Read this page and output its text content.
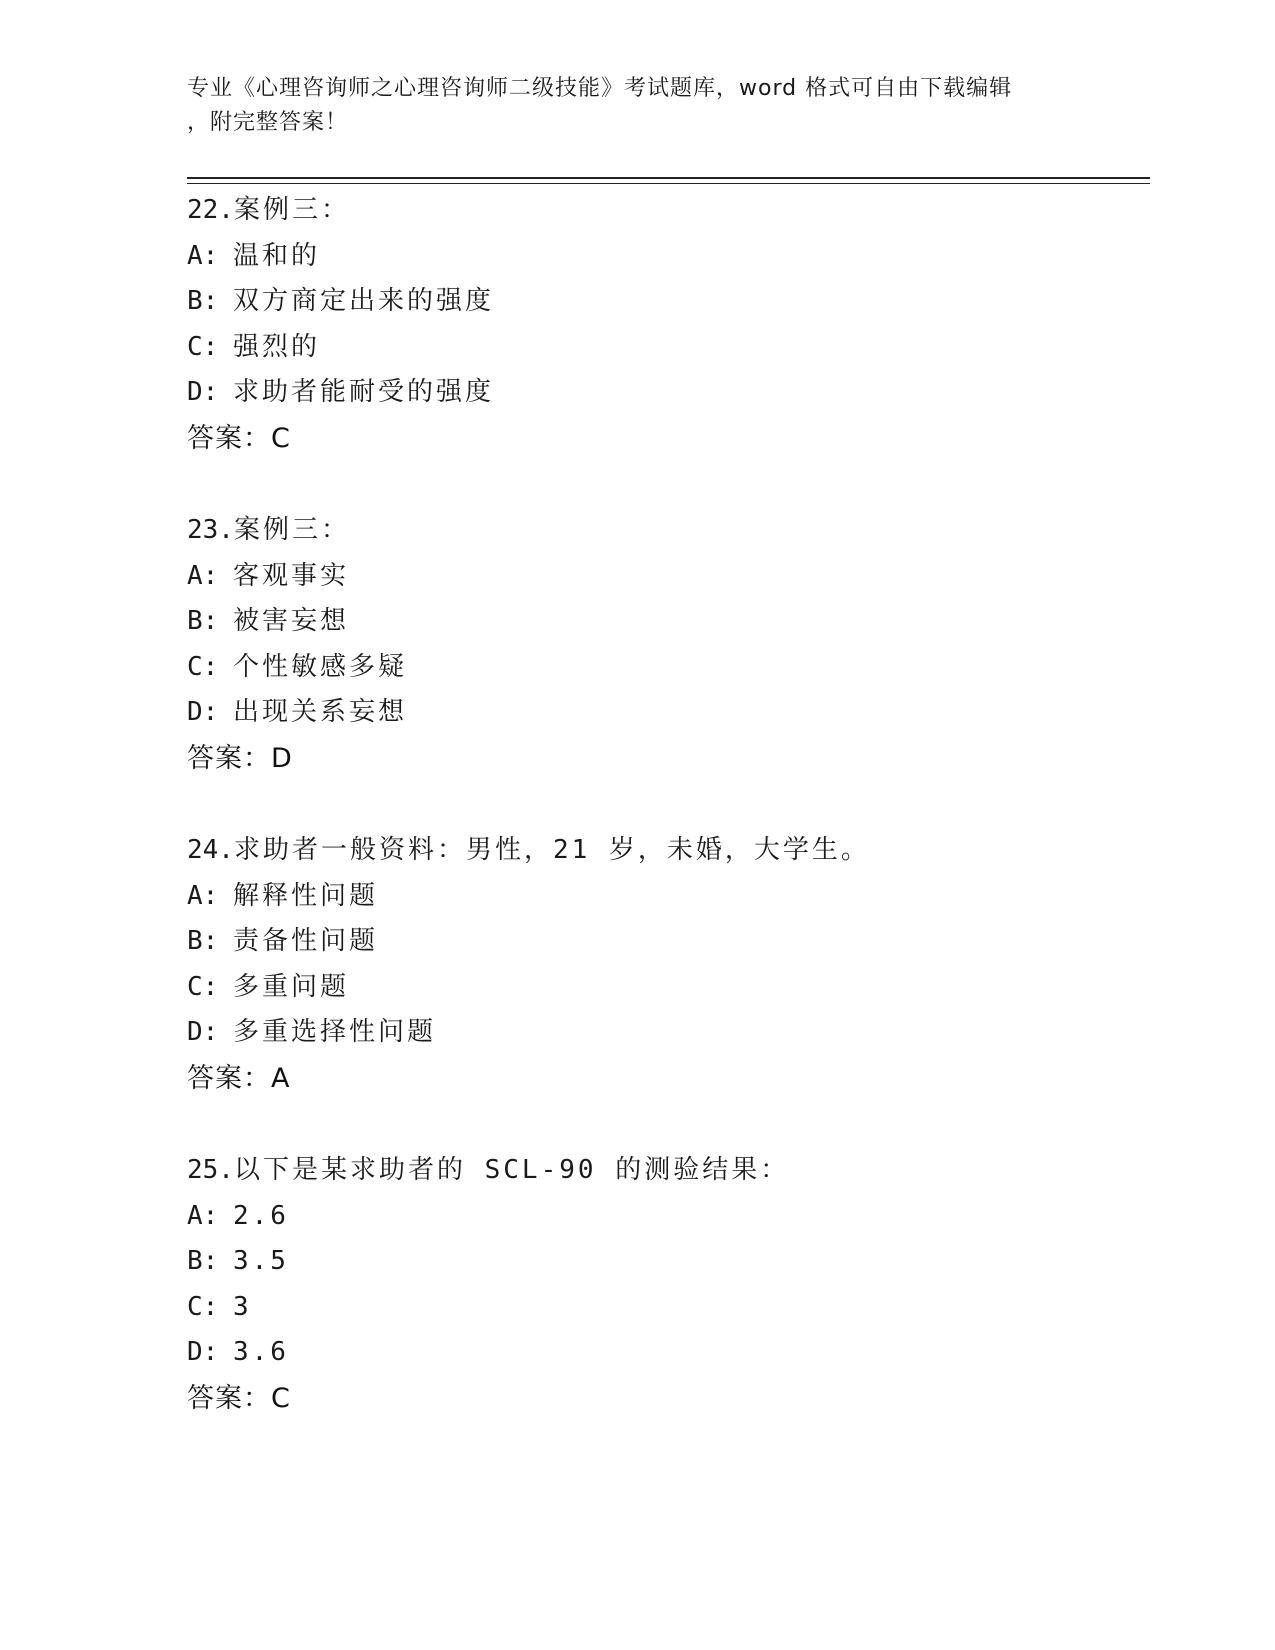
专业《心理咨询师之心理咨询师二级技能》考试题库，word 格式可自由下载编辑
，附完整答案！
22.案例三：
A: 温和的
B: 双方商定出来的强度
C: 强烈的
D: 求助者能耐受的强度
答案：C
23.案例三：
A: 客观事实
B: 被害妄想
C: 个性敏感多疑
D: 出现关系妄想
答案：D
24.求助者一般资料：男性，21 岁，未婚，大学生。
A: 解释性问题
B: 责备性问题
C: 多重问题
D: 多重选择性问题
答案：A
25.以下是某求助者的 SCL-90 的测验结果：
A: 2.6
B: 3.5
C: 3
D: 3.6
答案：C
